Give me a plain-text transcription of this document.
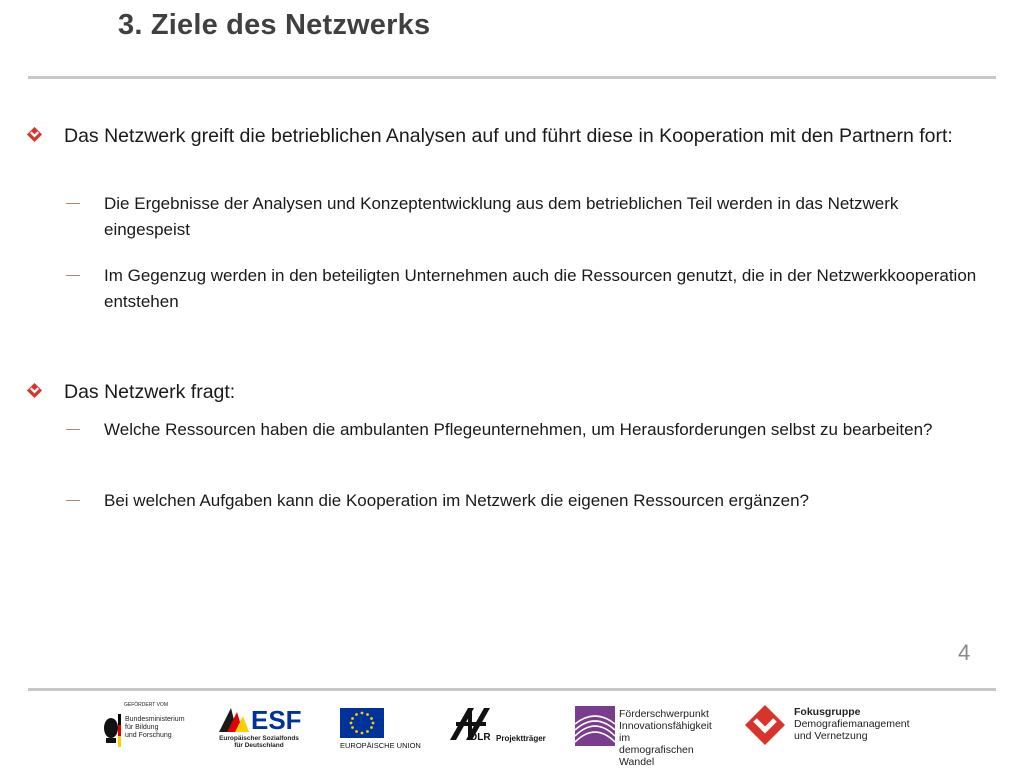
3. Ziele des Netzwerks
Das Netzwerk greift die betrieblichen Analysen auf und führt diese in Kooperation mit den Partnern fort:
Die Ergebnisse der Analysen und Konzeptentwicklung aus dem betrieblichen Teil werden in das Netzwerk eingespeist
Im Gegenzug werden in den beteiligten Unternehmen auch die Ressourcen genutzt, die in der Netzwerkkooperation entstehen
Das Netzwerk fragt:
Welche Ressourcen haben die ambulanten Pflegeunternehmen, um Herausforderungen selbst zu bearbeiten?
Bei welchen Aufgaben kann die Kooperation im Netzwerk die eigenen Ressourcen ergänzen?
4
GEFÖRDERT VOM
Bundesministerium
für Bildung
und Forschung
ESF
Europäischer Sozialfonds
für Deutschland	EUROPÄISCHE UNION
DLR Projektträger
Förderschwerpunkt
Innovationsfähigkeit im
demografischen Wandel
Fokusgruppe
Demografiemanagement
und Vernetzung
